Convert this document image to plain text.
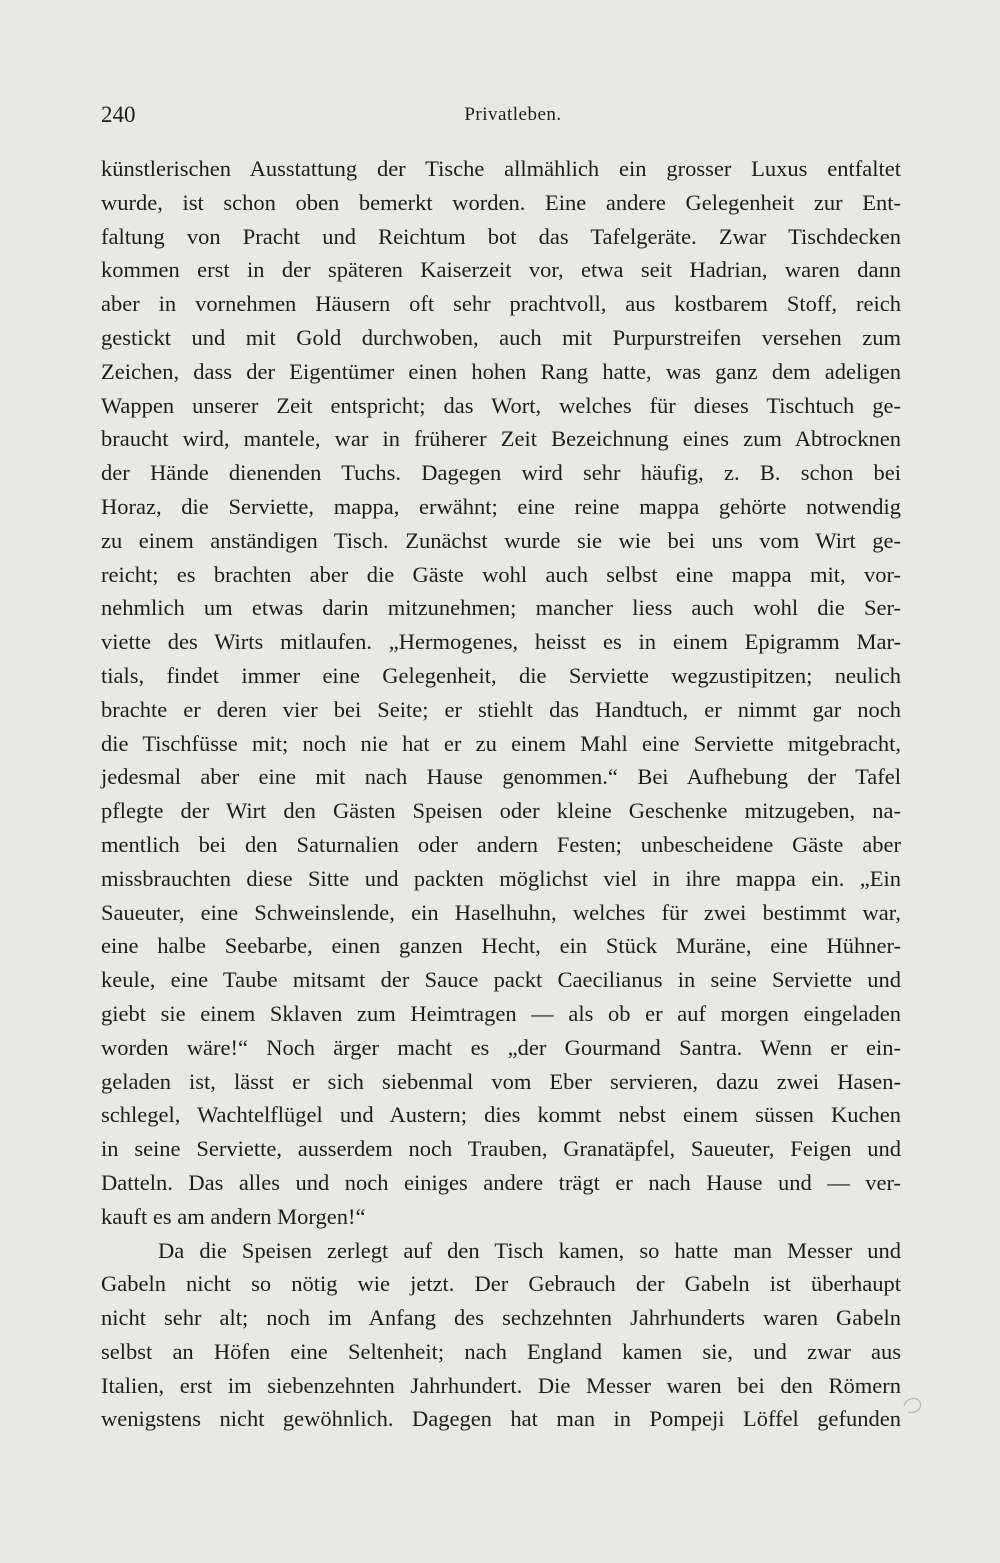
240	Privatleben.
künstlerischen Ausstattung der Tische allmählich ein grosser Luxus entfaltet
wurde, ist schon oben bemerkt worden. Eine andere Gelegenheit zur Ent-
faltung von Pracht und Reichtum bot das Tafelgeräte. Zwar Tischdecken
kommen erst in der späteren Kaiserzeit vor, etwa seit Hadrian, waren dann
aber in vornehmen Häusern oft sehr prachtvoll, aus kostbarem Stoff, reich
gestickt und mit Gold durchwoben, auch mit Purpurstreifen versehen zum
Zeichen, dass der Eigentümer einen hohen Rang hatte, was ganz dem adeligen
Wappen unserer Zeit entspricht; das Wort, welches für dieses Tischtuch ge-
braucht wird, mantele, war in früherer Zeit Bezeichnung eines zum Abtrocknen
der Hände dienenden Tuchs. Dagegen wird sehr häufig, z. B. schon bei
Horaz, die Serviette, mappa, erwähnt; eine reine mappa gehörte notwendig
zu einem anständigen Tisch. Zunächst wurde sie wie bei uns vom Wirt ge-
reicht; es brachten aber die Gäste wohl auch selbst eine mappa mit, vor-
nehmlich um etwas darin mitzunehmen; mancher liess auch wohl die Ser-
viette des Wirts mitlaufen. „Hermogenes, heisst es in einem Epigramm Mar-
tials, findet immer eine Gelegenheit, die Serviette wegzustipitzen; neulich
brachte er deren vier bei Seite; er stiehlt das Handtuch, er nimmt gar noch
die Tischfüsse mit; noch nie hat er zu einem Mahl eine Serviette mitgebracht,
jedesmal aber eine mit nach Hause genommen.“ Bei Aufhebung der Tafel
pflegte der Wirt den Gästen Speisen oder kleine Geschenke mitzugeben, na-
mentlich bei den Saturnalien oder andern Festen; unbescheidene Gäste aber
missbrauchten diese Sitte und packten möglichst viel in ihre mappa ein. „Ein
Saueuter, eine Schweinslende, ein Haselhuhn, welches für zwei bestimmt war,
eine halbe Seebarbe, einen ganzen Hecht, ein Stück Muräne, eine Hühner-
keule, eine Taube mitsamt der Sauce packt Caecilianus in seine Serviette und
giebt sie einem Sklaven zum Heimtragen — als ob er auf morgen eingeladen
worden wäre!“ Noch ärger macht es „der Gourmand Santra. Wenn er ein-
geladen ist, lässt er sich siebenmal vom Eber servieren, dazu zwei Hasen-
schlegel, Wachtelflügel und Austern; dies kommt nebst einem süssen Kuchen
in seine Serviette, ausserdem noch Trauben, Granatäpfel, Saueuter, Feigen und
Datteln. Das alles und noch einiges andere trägt er nach Hause und — ver-
kauft es am andern Morgen!“
Da die Speisen zerlegt auf den Tisch kamen, so hatte man Messer und
Gabeln nicht so nötig wie jetzt. Der Gebrauch der Gabeln ist überhaupt
nicht sehr alt; noch im Anfang des sechzehnten Jahrhunderts waren Gabeln
selbst an Höfen eine Seltenheit; nach England kamen sie, und zwar aus
Italien, erst im siebenzehnten Jahrhundert. Die Messer waren bei den Römern
wenigstens nicht gewöhnlich. Dagegen hat man in Pompeji Löffel gefunden
